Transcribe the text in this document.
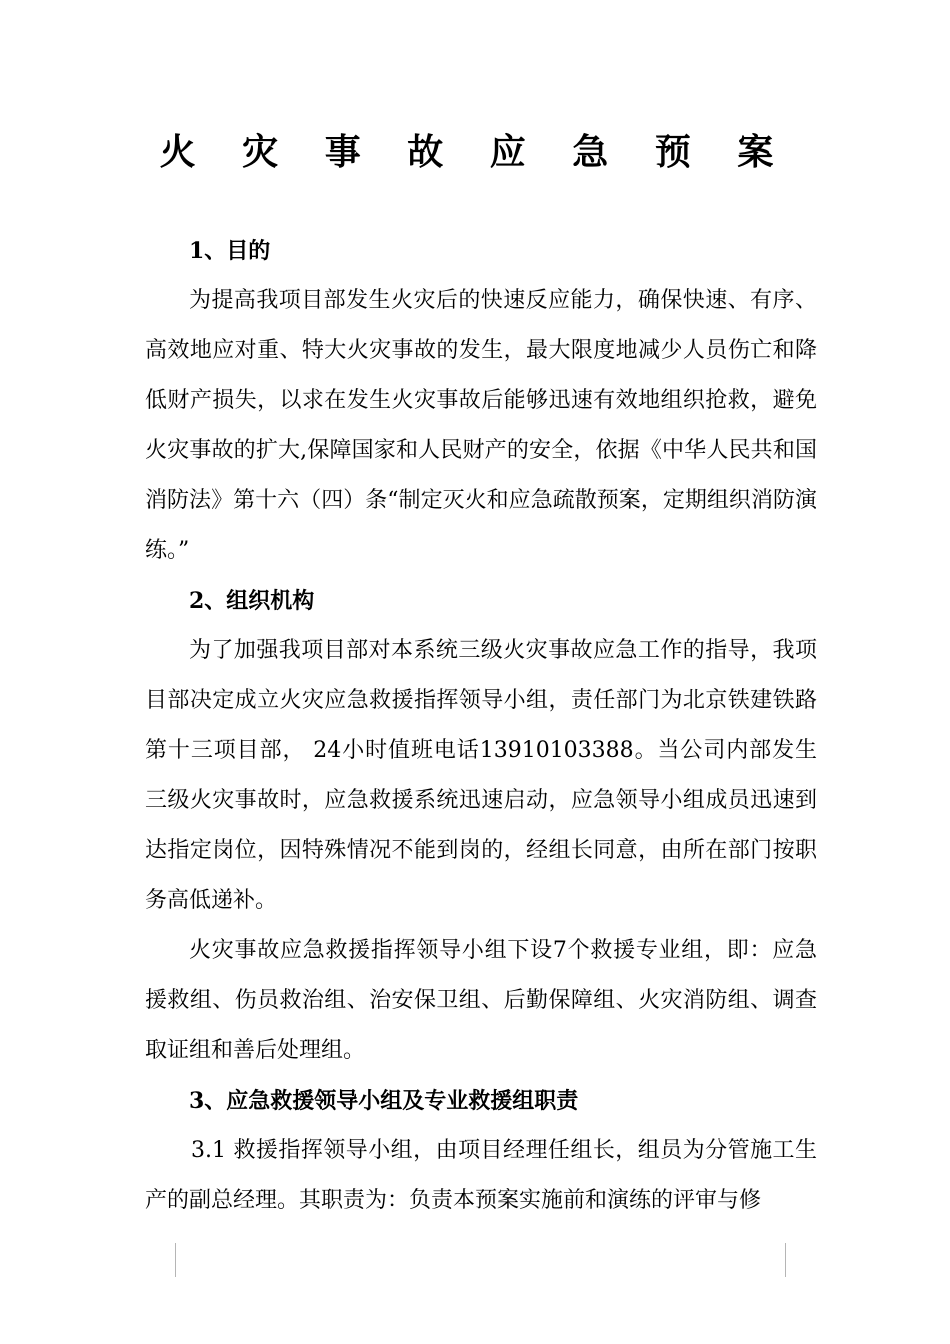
火 灾 事 故 应 急 预 案

1、目的

为提高我项目部发生火灾后的快速反应能力，确保快速、有序、高效地应对重、特大火灾事故的发生，最大限度地减少人员伤亡和降低财产损失，以求在发生火灾事故后能够迅速有效地组织抢救，避免火灾事故的扩大,保障国家和人民财产的安全，依据《中华人民共和国消防法》第十六（四）条“制定灭火和应急疏散预案，定期组织消防演练。”

2、组织机构

为了加强我项目部对本系统三级火灾事故应急工作的指导，我项目部决定成立火灾应急救援指挥领导小组，责任部门为北京铁建铁路第十三项目部， 24小时值班电话13910103388。当公司内部发生三级火灾事故时，应急救援系统迅速启动，应急领导小组成员迅速到达指定岗位，因特殊情况不能到岗的，经组长同意，由所在部门按职务高低递补。

火灾事故应急救援指挥领导小组下设7个救援专业组，即：应急援救组、伤员救治组、治安保卫组、后勤保障组、火灾消防组、调查取证组和善后处理组。

3、应急救援领导小组及专业救援组职责

3.1 救援指挥领导小组，由项目经理任组长，组员为分管施工生产的副总经理。其职责为：负责本预案实施前和演练的评审与修
